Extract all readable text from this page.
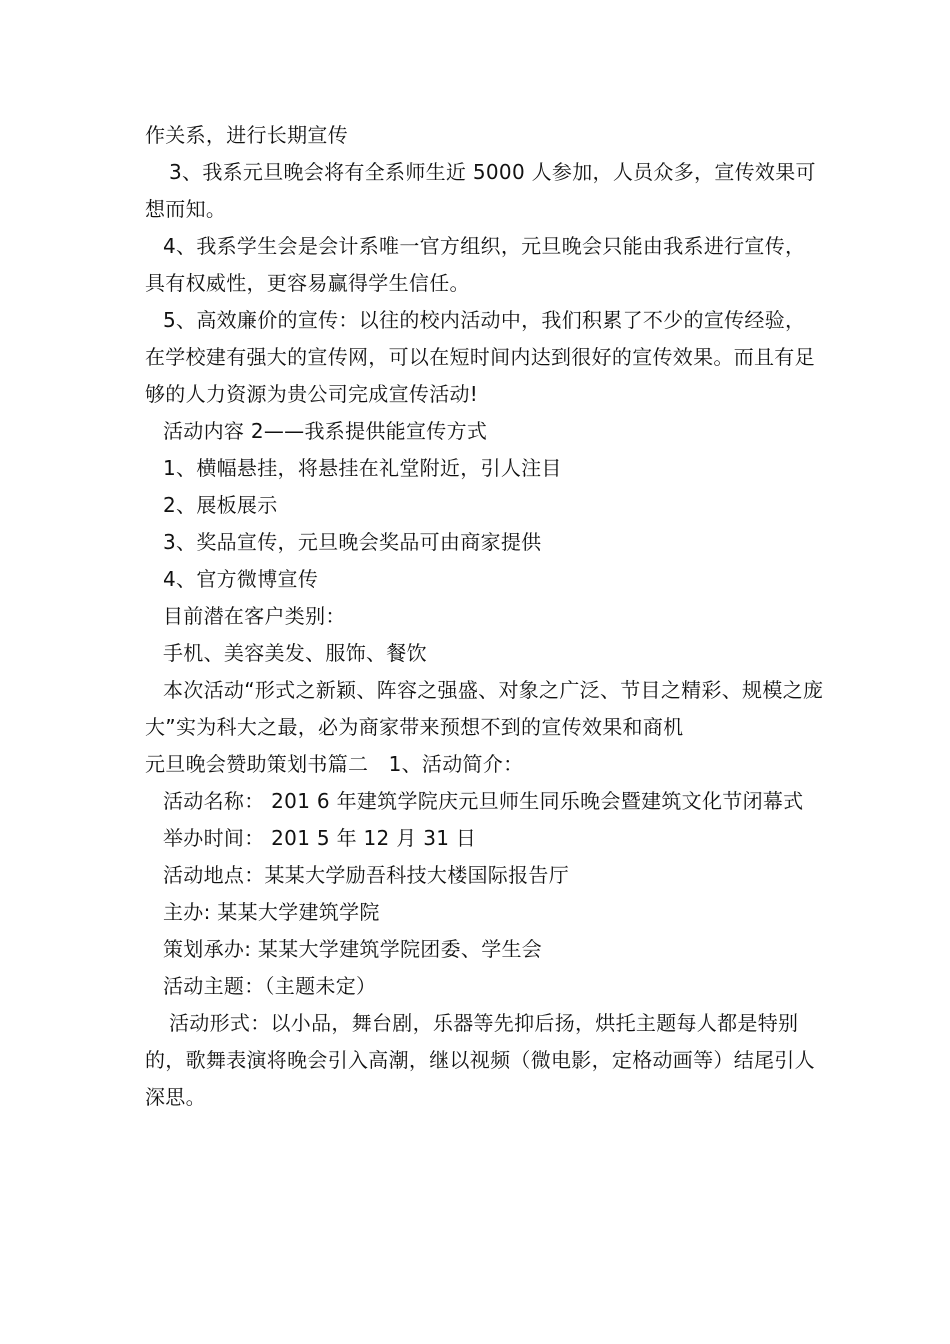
作关系，进行长期宣传

3、我系元旦晚会将有全系师生近 5000 人参加，人员众多，宣传效果可想而知。

4、我系学生会是会计系唯一官方组织，元旦晚会只能由我系进行宣传，具有权威性，更容易赢得学生信任。

5、高效廉价的宣传：以往的校内活动中，我们积累了不少的宣传经验，在学校建有强大的宣传网，可以在短时间内达到很好的宣传效果。而且有足够的人力资源为贵公司完成宣传活动!

活动内容 2——我系提供能宣传方式

1、横幅悬挂，将悬挂在礼堂附近，引人注目

2、展板展示

3、奖品宣传，元旦晚会奖品可由商家提供

4、官方微博宣传

目前潜在客户类别：

手机、美容美发、服饰、餐饮

本次活动“形式之新颖、阵容之强盛、对象之广泛、节目之精彩、规模之庞大”实为科大之最，必为商家带来预想不到的宣传效果和商机

元旦晚会赞助策划书篇二　1、活动简介：

活动名称： 201 6 年建筑学院庆元旦师生同乐晚会暨建筑文化节闭幕式

举办时间： 201 5 年 12 月 31 日

活动地点：某某大学励吾科技大楼国际报告厅

主办: 某某大学建筑学院

策划承办: 某某大学建筑学院团委、学生会

活动主题：（主题未定）

活动形式：以小品，舞台剧，乐器等先抑后扬，烘托主题每人都是特别的，歌舞表演将晚会引入高潮，继以视频（微电影，定格动画等）结尾引人深思。
